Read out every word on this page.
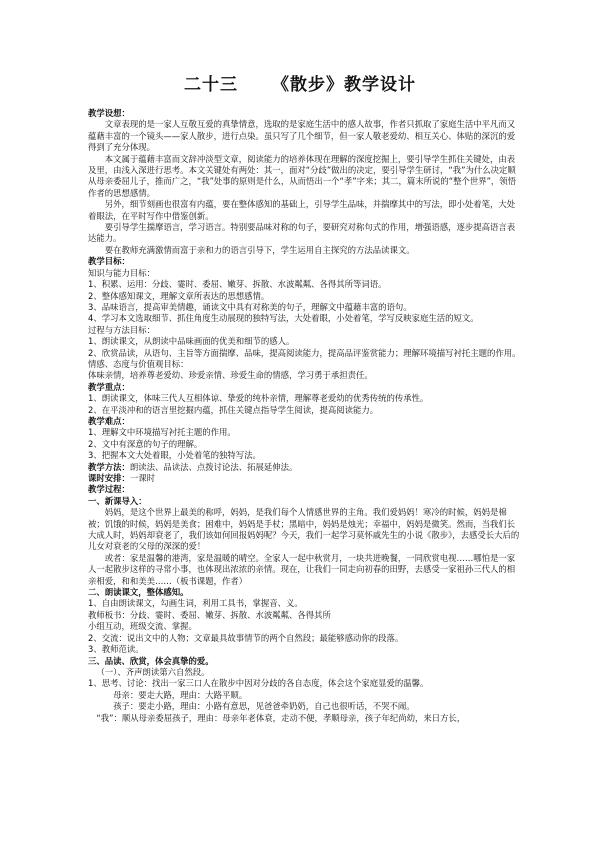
二十三 《散步》教学设计

教学设想：

文章表现的是一家人互敬互爱的真挚情意，选取的是家庭生活中的感人故事，作者只抓取了家庭生活中平凡而又蕴藉丰富的一个镜头——家人散步，进行点染。虽只写了几个细节，但一家人敬老爱幼、相互关心、体贴的深沉的爱得到了充分体现。

本文属于蕴藉丰富而文辞冲淡型文章，阅读能力的培养体现在理解的深度挖掘上，要引导学生抓住关键处，由表及里，由浅入深进行思考。本文关键处有两处：其一，面对“分歧”做出的决定，要引导学生研讨，“我”为什么决定顺从母亲委屈儿子，推而广之，“我”处事的原则是什么，从而悟出一个“孝”字来；其二，篇末所说的“整个世界”，领悟作者的思想感情。

另外，细节刻画也很富有内蕴，要在整体感知的基础上，引导学生品味，并揣摩其中的写法，即小处着笔，大处着眼法，在平时写作中借鉴创新。

要引导学生揣摩语言，学习语言。特别要品味对称的句子，要研究对称句式的作用，增强语感，逐步提高语言表达能力。

要在教师充满激情而富于亲和力的语言引导下，学生运用自主探究的方法品读课文。

教学目标：

知识与能力目标：

1、积累、运用：分歧、霎时、委屈、嫩芽、拆散、水波粼粼、各得其所等词语。

2、整体感知课文，理解文章所表达的思想感情。

3、品味语言，提高审美情趣，诵读文中具有对称美的句子，理解文中蕴藉丰富的语句。

4、学习本文选取细节、抓住角度生动展现的独特写法，大处着眼，小处着笔，学写反映家庭生活的短文。

过程与方法目标：

1、朗读课文，从朗读中品味画面的优美和细节的感人。

2、欣赏品读，从语句、主旨等方面揣摩、品味，提高阅读能力，提高品评鉴赏能力；理解环境描写衬托主题的作用。

情感、态度与价值观目标：

体味亲情，培养尊老爱幼、珍爱亲情、珍爱生命的情感，学习勇于承担责任。

教学重点：

1、朗读课文，体味三代人互相体谅、挚爱的纯朴亲情，理解尊老爱幼的优秀传统的传承性。

2、在平淡冲和的语言里挖掘内蕴，抓住关键点指导学生阅读，提高阅读能力。

教学难点：

1、理解文中环境描写衬托主题的作用。

2、文中有深意的句子的理解。

3、把握本文大处着眼，小处着笔的独特写法。

教学方法：朗读法、品读法、点拨讨论法、拓展延伸法。

课时安排：一课时

教学过程：

一、新课导入：

妈妈，是这个世界上最美的称呼，妈妈，是我们每个人情感世界的主角。我们爱妈妈！寒冷的时候，妈妈是棉被；饥饿的时候，妈妈是美食；困难中，妈妈是手杖；黑暗中，妈妈是烛光；幸福中，妈妈是微笑。然而，当我们长大成人时，妈妈却衰老了，我们该如何回报妈妈呢？今天，我们一起学习莫怀戚先生的小说《散步》，去感受长大后的儿女对衰老的父母的深深的爱！

或者：家是温馨的港湾，家是温暖的晴空。全家人一起中秋赏月，一块共进晚餐，一同欣赏电视……哪怕是一家人一起散步这样的寻常小事，也体现出浓浓的亲情。现在，让我们一同走向初春的田野，去感受一家祖孙三代人的相亲相爱，和和美美……（板书课题，作者）

二、朗读课文，整体感知。

1、自由朗读课文，勾画生词，利用工具书，掌握音、义。

教师板书：分歧、霎时、委屈、嫩芽、拆散、水波粼粼、各得其所

小组互动，班级交流、掌握。

2、交流：说出文中的人物；文章最具故事情节的两个自然段；最能够感动你的段落。

3、教师范读。

三、品读、欣赏，体会真挚的爱。

（一）、齐声朗读第六自然段。

1、思考、讨论：找出一家三口人在散步中因对分歧的各自态度，体会这个家庭显爱的温馨。

母亲：要走大路，理由：大路平顺。

孩子：要走小路，理由：小路有意思，见爸爸牵奶奶，自己也很听话，不哭不闹。

“我”：顺从母亲委屈孩子，理由：母亲年老体衰，走动不便，孝顺母亲，孩子年纪尚幼，来日方长，
